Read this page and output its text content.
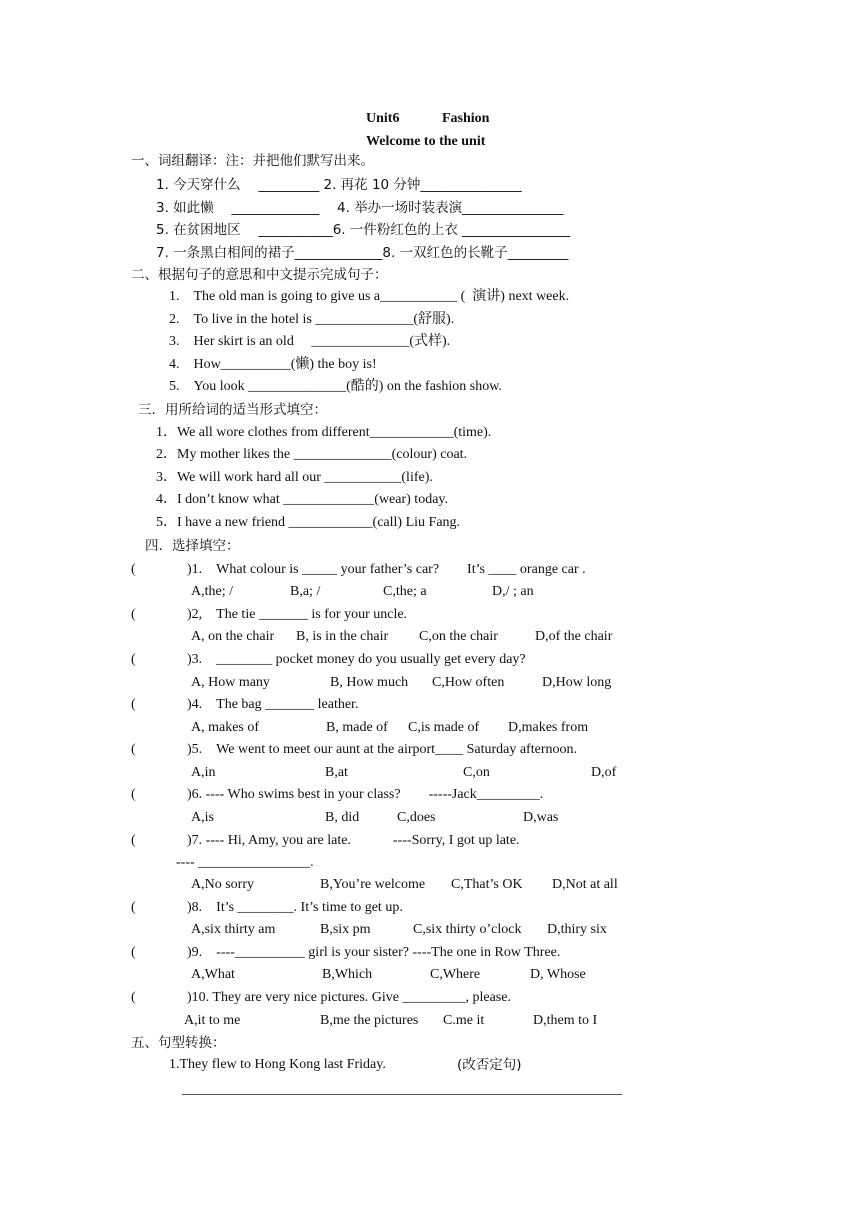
Unit6	Fashion
Welcome to the unit
一、词组翻译：注：并把他们默写出来。
1. 今天穿什么　 _________ 2. 再花 10 分钟_______________
3. 如此懒　 _____________　 4. 举办一场时装表演_______________
5. 在贫困地区　 ___________6. 一件粉红色的上衣 ________________
7. 一条黑白相间的裙子_____________8. 一双红色的长靴子_________
二、根据句子的意思和中文提示完成句子：
1.　The old man is going to give us a___________ (  演讲) next week.
2.　To live in the hotel is ______________(舒服).
3.　Her skirt is an old　 ______________(式样).
4.　How__________(懒) the boy is!
5.　You look ______________(酷的) on the fashion show.
三．用所给词的适当形式填空：
1．We all wore clothes from different____________(time).
2．My mother likes the ______________(colour) coat.
3．We will work hard all our ___________(life).
4．I don’t know what _____________(wear) today.
5．I have a new friend ____________(call) Liu Fang.
四．选择填空：
(	)1.　What colour is _____ your father’s car?　　It’s ____ orange car .
A,the; /	B,a; /	C,the; a	D,/ ; an
(	)2,　The tie _______ is for your uncle.
A, on the chair B, is in the chair C,on the chair	D,of the chair
(	)3.　________ pocket money do you usually get every day?
A, How many	B, How much C,How often	D,How long
(	)4.　The bag _______ leather.
A, makes of	B, made of C,is made of D,makes from
(	)5.　We went to meet our aunt at the airport____ Saturday afternoon.
A,in	B,at	C,on	D,of
(	)6. ---- Who swims best in your class?　　-----Jack_________.
A,is	B, did	C,does	D,was
(	)7. ---- Hi, Amy, you are late.　　　----Sorry, I got up late.
---- ________________.
A,No sorry	B,You’re welcome C,That’s OK D,Not at all
(	)8.　It’s ________. It’s time to get up.
A,six thirty am	B,six pm	C,six thirty o’clock D,thiry six
(	)9.　----__________ girl is your sister? ----The one in Row Three.
A,What	B,Which	C,Where	D, Whose
(	)10. They are very nice pictures. Give _________, please.
A,it to me	B,me the pictures C.me it	D,them to I
五、句型转换：
1.They flew to Hong Kong last Friday.	(改否定句)
